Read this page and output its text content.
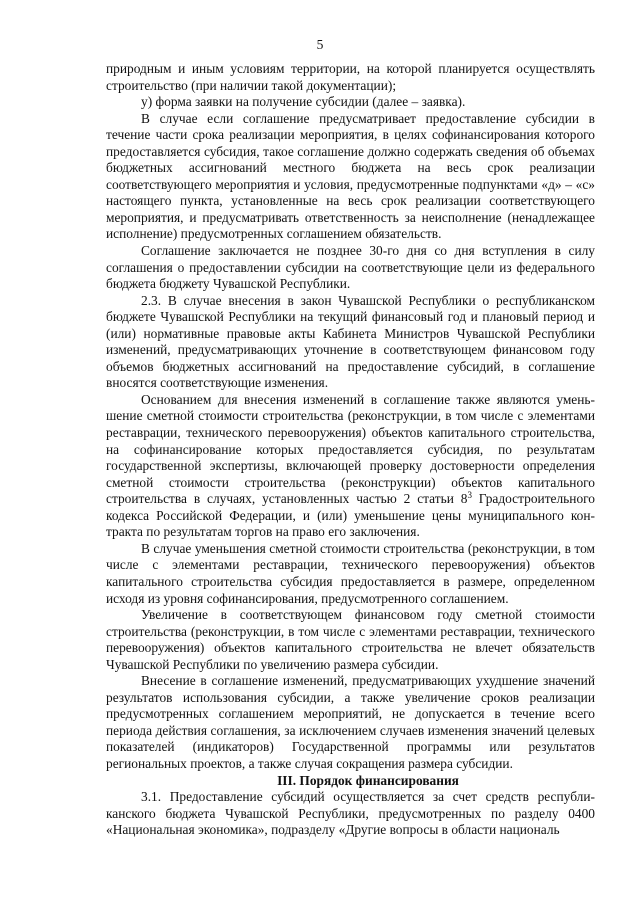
5

природным и иным условиям территории, на которой планируется осуществлять строительство (при наличии такой документации);

у) форма заявки на получение субсидии (далее – заявка).

В случае если соглашение предусматривает предоставление субсидии в течение части срока реализации мероприятия, в целях софинансирования которого предоставляется субсидия, такое соглашение должно содержать сведения об объемах бюджетных ассигнований местного бюджета на весь срок реализации соответствующего мероприятия и условия, предусмотренные подпунктами «д» – «с» настоящего пункта, установленные на весь срок реализации соответствующего мероприятия, и предусматривать ответственность за неисполнение (ненадлежащее исполнение) предусмотренных соглашением обязательств.

Соглашение заключается не позднее 30-го дня со дня вступления в силу соглашения о предоставлении субсидии на соответствующие цели из федерального бюджета бюджету Чувашской Республики.

2.3. В случае внесения в закон Чувашской Республики о республиканском бюджете Чувашской Республики на текущий финансовый год и плановый период и (или) нормативные правовые акты Кабинета Министров Чувашской Республики изменений, предусматривающих уточнение в соответствующем финансовом году объемов бюджетных ассигнований на предоставление субсидий, в соглашение вносятся соответствующие изменения.

Основанием для внесения изменений в соглашение также являются уменьшение сметной стоимости строительства (реконструкции, в том числе с элементами реставрации, технического перевооружения) объектов капитального строительства, на софинансирование которых предоставляется субсидия, по результатам государственной экспертизы, включающей проверку достоверности определения сметной стоимости строительства (реконструкции) объектов капитального строительства в случаях, установленных частью 2 статьи $8^3$ Градостроительного кодекса Российской Федерации, и (или) уменьшение цены муниципального контракта по результатам торгов на право его заключения.

В случае уменьшения сметной стоимости строительства (реконструкции, в том числе с элементами реставрации, технического перевооружения) объектов капитального строительства субсидия предоставляется в размере, определенном исходя из уровня софинансирования, предусмотренного соглашением.

Увеличение в соответствующем финансовом году сметной стоимости строительства (реконструкции, в том числе с элементами реставрации, технического перевооружения) объектов капитального строительства не влечет обязательств Чувашской Республики по увеличению размера субсидии.

Внесение в соглашение изменений, предусматривающих ухудшение значений результатов использования субсидии, а также увеличение сроков реализации предусмотренных соглашением мероприятий, не допускается в течение всего периода действия соглашения, за исключением случаев изменения значений целевых показателей (индикаторов) Государственной программы или результатов региональных проектов, а также случая сокращения размера субсидии.

III. Порядок финансирования

3.1. Предоставление субсидий осуществляется за счет средств республиканского бюджета Чувашской Республики, предусмотренных по разделу 0400 «Национальная экономика», подразделу «Другие вопросы в области националь
